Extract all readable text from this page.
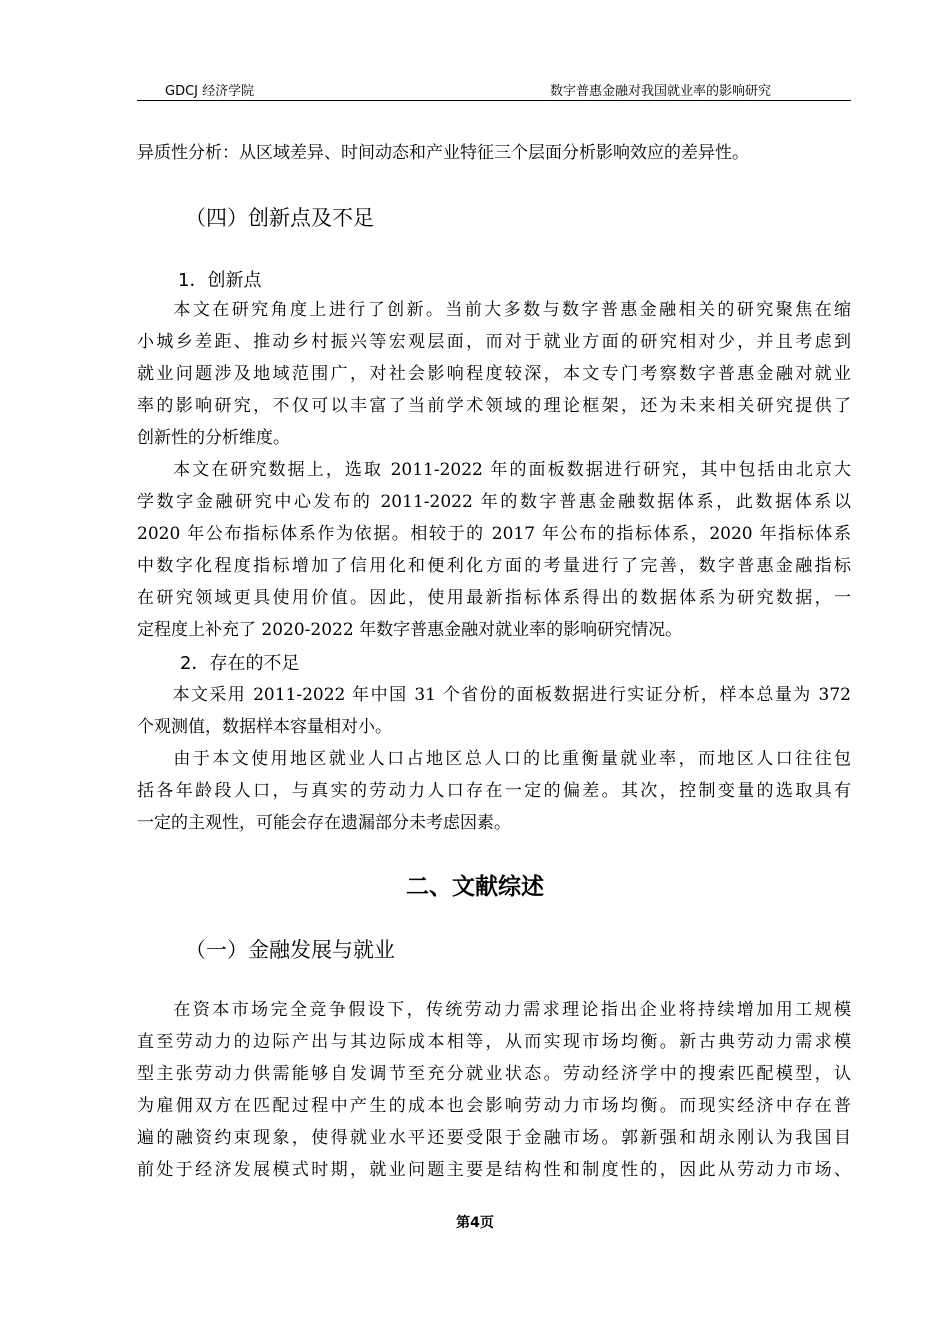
GDCJ 经济学院	数字普惠金融对我国就业率的影响研究
异质性分析：从区域差异、时间动态和产业特征三个层面分析影响效应的差异性。
（四）创新点及不足
1．创新点
本文在研究角度上进行了创新。当前大多数与数字普惠金融相关的研究聚焦在缩
小城乡差距、推动乡村振兴等宏观层面，而对于就业方面的研究相对少，并且考虑到
就业问题涉及地域范围广，对社会影响程度较深，本文专门考察数字普惠金融对就业
率的影响研究，不仅可以丰富了当前学术领域的理论框架，还为未来相关研究提供了
创新性的分析维度。
本文在研究数据上，选取 2011-2022 年的面板数据进行研究，其中包括由北京大
学数字金融研究中心发布的 2011-2022 年的数字普惠金融数据体系，此数据体系以
2020 年公布指标体系作为依据。相较于的 2017 年公布的指标体系，2020 年指标体系
中数字化程度指标增加了信用化和便利化方面的考量进行了完善，数字普惠金融指标
在研究领域更具使用价值。因此，使用最新指标体系得出的数据体系为研究数据，一
定程度上补充了 2020-2022 年数字普惠金融对就业率的影响研究情况。
2．存在的不足
本文采用 2011-2022 年中国 31 个省份的面板数据进行实证分析，样本总量为 372
个观测值，数据样本容量相对小。
由于本文使用地区就业人口占地区总人口的比重衡量就业率，而地区人口往往包
括各年龄段人口，与真实的劳动力人口存在一定的偏差。其次，控制变量的选取具有
一定的主观性，可能会存在遗漏部分未考虑因素。
二、文献综述
（一）金融发展与就业
在资本市场完全竞争假设下，传统劳动力需求理论指出企业将持续增加用工规模
直至劳动力的边际产出与其边际成本相等，从而实现市场均衡。新古典劳动力需求模
型主张劳动力供需能够自发调节至充分就业状态。劳动经济学中的搜索匹配模型，认
为雇佣双方在匹配过程中产生的成本也会影响劳动力市场均衡。而现实经济中存在普
遍的融资约束现象，使得就业水平还要受限于金融市场。郭新强和胡永刚认为我国目
前处于经济发展模式时期，就业问题主要是结构性和制度性的，因此从劳动力市场、
第4页
